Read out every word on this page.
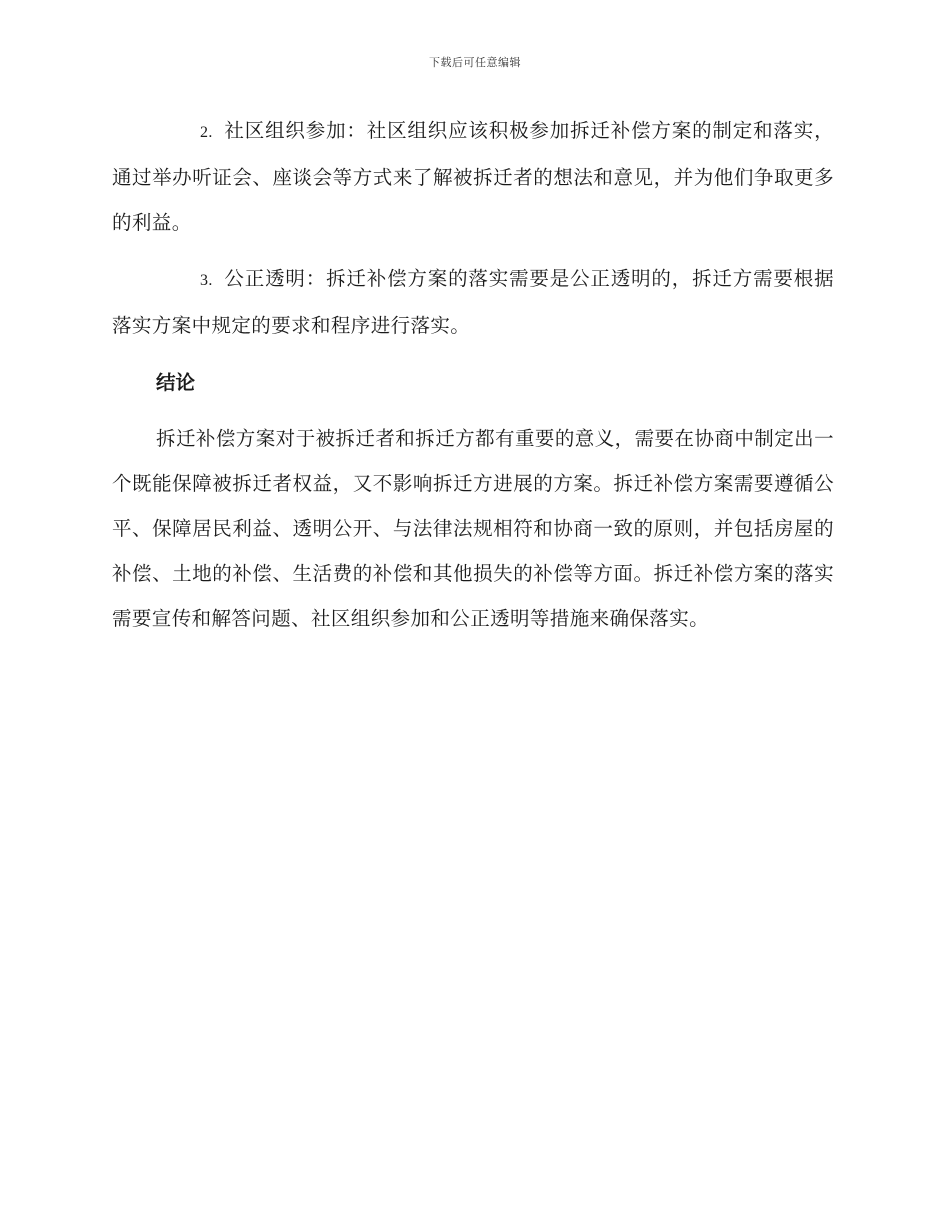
下载后可任意编辑

2. 社区组织参加：社区组织应该积极参加拆迁补偿方案的制定和落实，通过举办听证会、座谈会等方式来了解被拆迁者的想法和意见，并为他们争取更多的利益。

3. 公正透明：拆迁补偿方案的落实需要是公正透明的，拆迁方需要根据落实方案中规定的要求和程序进行落实。

结论

拆迁补偿方案对于被拆迁者和拆迁方都有重要的意义，需要在协商中制定出一个既能保障被拆迁者权益，又不影响拆迁方进展的方案。拆迁补偿方案需要遵循公平、保障居民利益、透明公开、与法律法规相符和协商一致的原则，并包括房屋的补偿、土地的补偿、生活费的补偿和其他损失的补偿等方面。拆迁补偿方案的落实需要宣传和解答问题、社区组织参加和公正透明等措施来确保落实。
